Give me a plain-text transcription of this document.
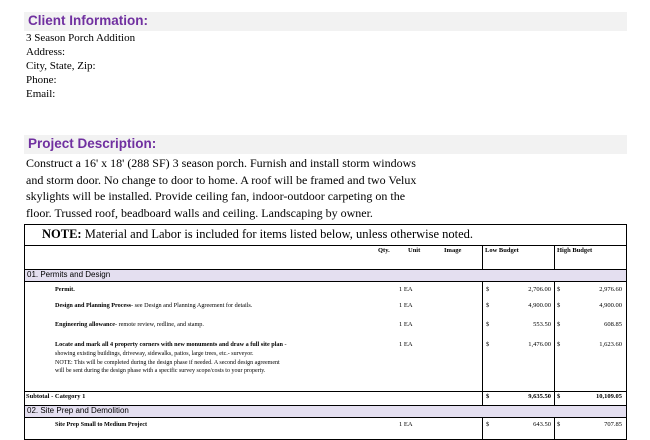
Client Information:
3 Season Porch Addition
Address:
City, State, Zip:
Phone:
Email:
Project Description:
Construct a 16' x 18' (288 SF) 3 season porch. Furnish and install storm windows
and storm door. No change to door to home. A roof will be framed and two Velux
skylights will be installed. Provide ceiling fan, indoor-outdoor carpeting on the
floor. Trussed roof, beadboard walls and ceiling. Landscaping by owner.
NOTE: Material and Labor is included for items listed below, unless otherwise noted.
Qty.	Unit	Image	Low Budget	High Budget
01. Permits and Design
Permit.	1 EA	$	2,706.00 $	2,976.60
Design and Planning Process- see Design and Planning Agreement for details.	1 EA	$	4,900.00 $	4,900.00
Engineering allowance- remote review, redline, and stamp.	1 EA	$	553.50 $	608.85
Locate and mark all 4 property corners with new monuments and draw a full site plan -
showing existing buildings, driveway, sidewalks, patios, large trees, etc.- surveyor.
NOTE: This will be completed during the design phase if needed. A second design agreement
will be sent during the design phase with a specific survey scope/costs to your property.
1 EA	$	1,476.00 $	1,623.60
Subtotal - Category 1	$	9,635.50 $	10,109.05
02. Site Prep and Demolition
Site Prep Small to Medium Project	1 EA	$	643.50 $	707.85
